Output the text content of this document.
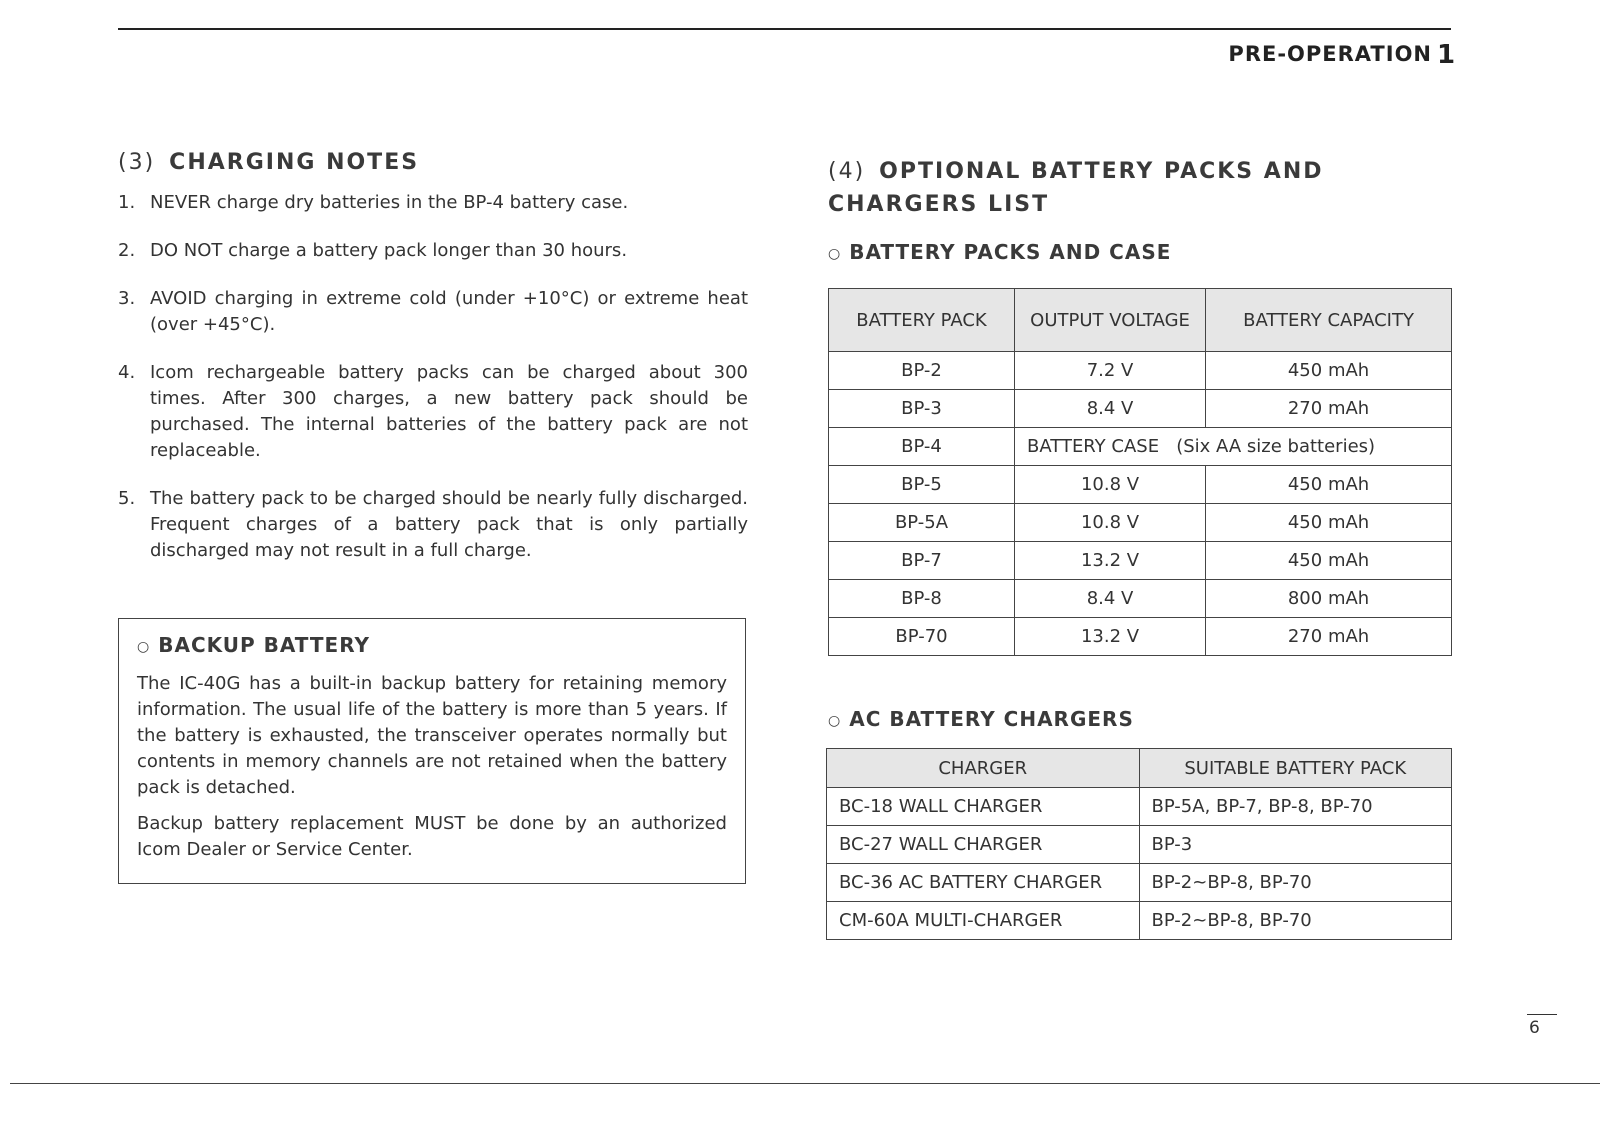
PRE-OPERATION 1
(3) CHARGING NOTES
1. NEVER charge dry batteries in the BP-4 battery case.
2. DO NOT charge a battery pack longer than 30 hours.
3. AVOID charging in extreme cold (under +10°C) or extreme heat (over +45°C).
4. Icom rechargeable battery packs can be charged about 300 times. After 300 charges, a new battery pack should be purchased. The internal batteries of the battery pack are not replaceable.
5. The battery pack to be charged should be nearly fully discharged. Frequent charges of a battery pack that is only partially discharged may not result in a full charge.
○ BACKUP BATTERY

The IC-40G has a built-in backup battery for retaining memory information. The usual life of the battery is more than 5 years. If the battery is exhausted, the transceiver operates normally but contents in memory channels are not retained when the battery pack is detached.

Backup battery replacement MUST be done by an authorized Icom Dealer or Service Center.

(4) OPTIONAL BATTERY PACKS AND CHARGERS LIST
○ BATTERY PACKS AND CASE
BATTERY PACK	OUTPUT VOLTAGE	BATTERY CAPACITY
BP-2	7.2 V	450 mAh
BP-3	8.4 V	270 mAh
BP-4	BATTERY CASE   (Six AA size batteries)	
BP-5	10.8 V	450 mAh
BP-5A	10.8 V	450 mAh
BP-7	13.2 V	450 mAh
BP-8	8.4 V	800 mAh
BP-70	13.2 V	270 mAh
○ AC BATTERY CHARGERS
CHARGER	SUITABLE BATTERY PACK
BC-18 WALL CHARGER	BP-5A, BP-7, BP-8, BP-70
BC-27 WALL CHARGER	BP-3
BC-36 AC BATTERY CHARGER	BP-2~BP-8, BP-70
CM-60A MULTI-CHARGER	BP-2~BP-8, BP-70
6
